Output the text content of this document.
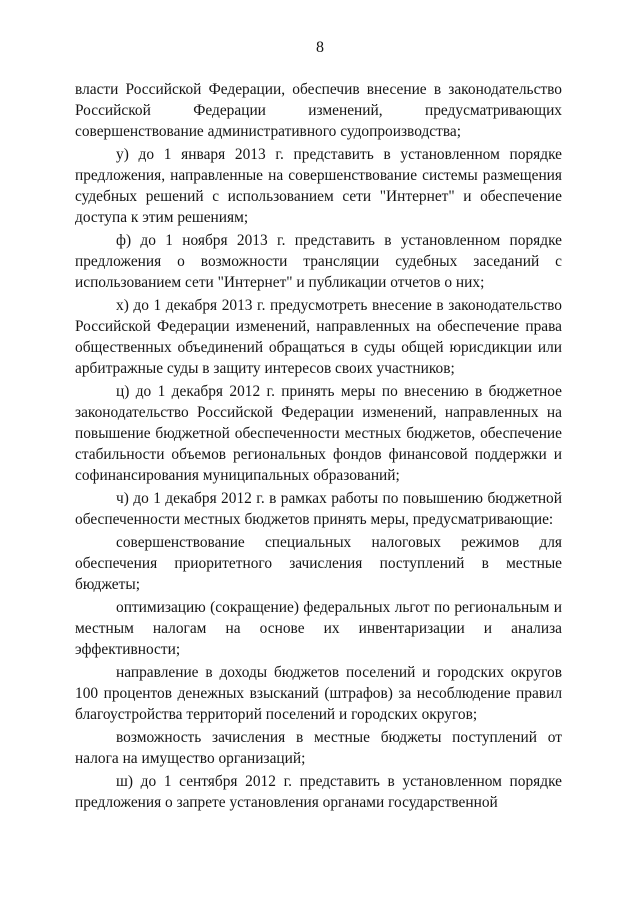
8

власти Российской Федерации, обеспечив внесение в законодательство Российской Федерации изменений, предусматривающих совершенствование административного судопроизводства;

у) до 1 января 2013 г. представить в установленном порядке предложения, направленные на совершенствование системы размещения судебных решений с использованием сети "Интернет" и обеспечение доступа к этим решениям;

ф) до 1 ноября 2013 г. представить в установленном порядке предложения о возможности трансляции судебных заседаний с использованием сети "Интернет" и публикации отчетов о них;

х) до 1 декабря 2013 г. предусмотреть внесение в законодательство Российской Федерации изменений, направленных на обеспечение права общественных объединений обращаться в суды общей юрисдикции или арбитражные суды в защиту интересов своих участников;

ц) до 1 декабря 2012 г. принять меры по внесению в бюджетное законодательство Российской Федерации изменений, направленных на повышение бюджетной обеспеченности местных бюджетов, обеспечение стабильности объемов региональных фондов финансовой поддержки и софинансирования муниципальных образований;

ч) до 1 декабря 2012 г. в рамках работы по повышению бюджетной обеспеченности местных бюджетов принять меры, предусматривающие:

совершенствование специальных налоговых режимов для обеспечения приоритетного зачисления поступлений в местные бюджеты;

оптимизацию (сокращение) федеральных льгот по региональным и местным налогам на основе их инвентаризации и анализа эффективности;

направление в доходы бюджетов поселений и городских округов 100 процентов денежных взысканий (штрафов) за несоблюдение правил благоустройства территорий поселений и городских округов;

возможность зачисления в местные бюджеты поступлений от налога на имущество организаций;

ш) до 1 сентября 2012 г. представить в установленном порядке предложения о запрете установления органами государственной
